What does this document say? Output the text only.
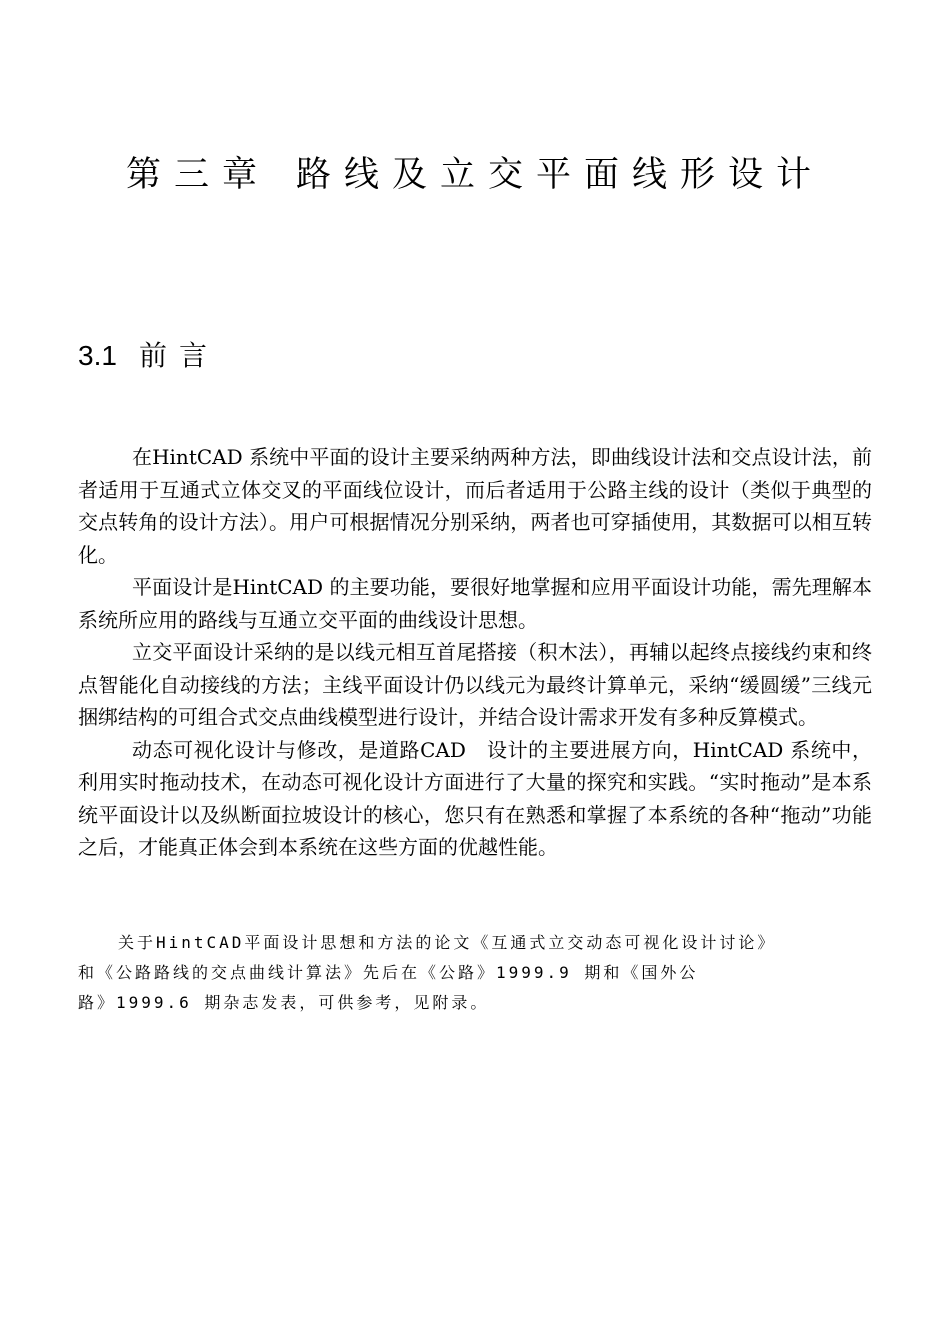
第三章 路线及立交平面线形设计
3.1 前言

在HintCAD 系统中平面的设计主要采纳两种方法，即曲线设计法和交点设计法，前者适用于互通式立体交叉的平面线位设计，而后者适用于公路主线的设计（类似于典型的交点转角的设计方法）。用户可根据情况分别采纳，两者也可穿插使用，其数据可以相互转化。

平面设计是HintCAD 的主要功能，要很好地掌握和应用平面设计功能，需先理解本系统所应用的路线与互通立交平面的曲线设计思想。

立交平面设计采纳的是以线元相互首尾搭接（积木法），再辅以起终点接线约束和终点智能化自动接线的方法；主线平面设计仍以线元为最终计算单元，采纳“缓圆缓”三线元捆绑结构的可组合式交点曲线模型进行设计，并结合设计需求开发有多种反算模式。

动态可视化设计与修改，是道路CAD　设计的主要进展方向，HintCAD 系统中，利用实时拖动技术，在动态可视化设计方面进行了大量的探究和实践。“实时拖动”是本系统平面设计以及纵断面拉坡设计的核心，您只有在熟悉和掌握了本系统的各种“拖动”功能之后，才能真正体会到本系统在这些方面的优越性能。

关于HintCAD平面设计思想和方法的论文《互通式立交动态可视化设计讨论》
和《公路路线的交点曲线计算法》先后在《公路》1999.9 期和《国外公
路》1999.6 期杂志发表，可供参考，见附录。
